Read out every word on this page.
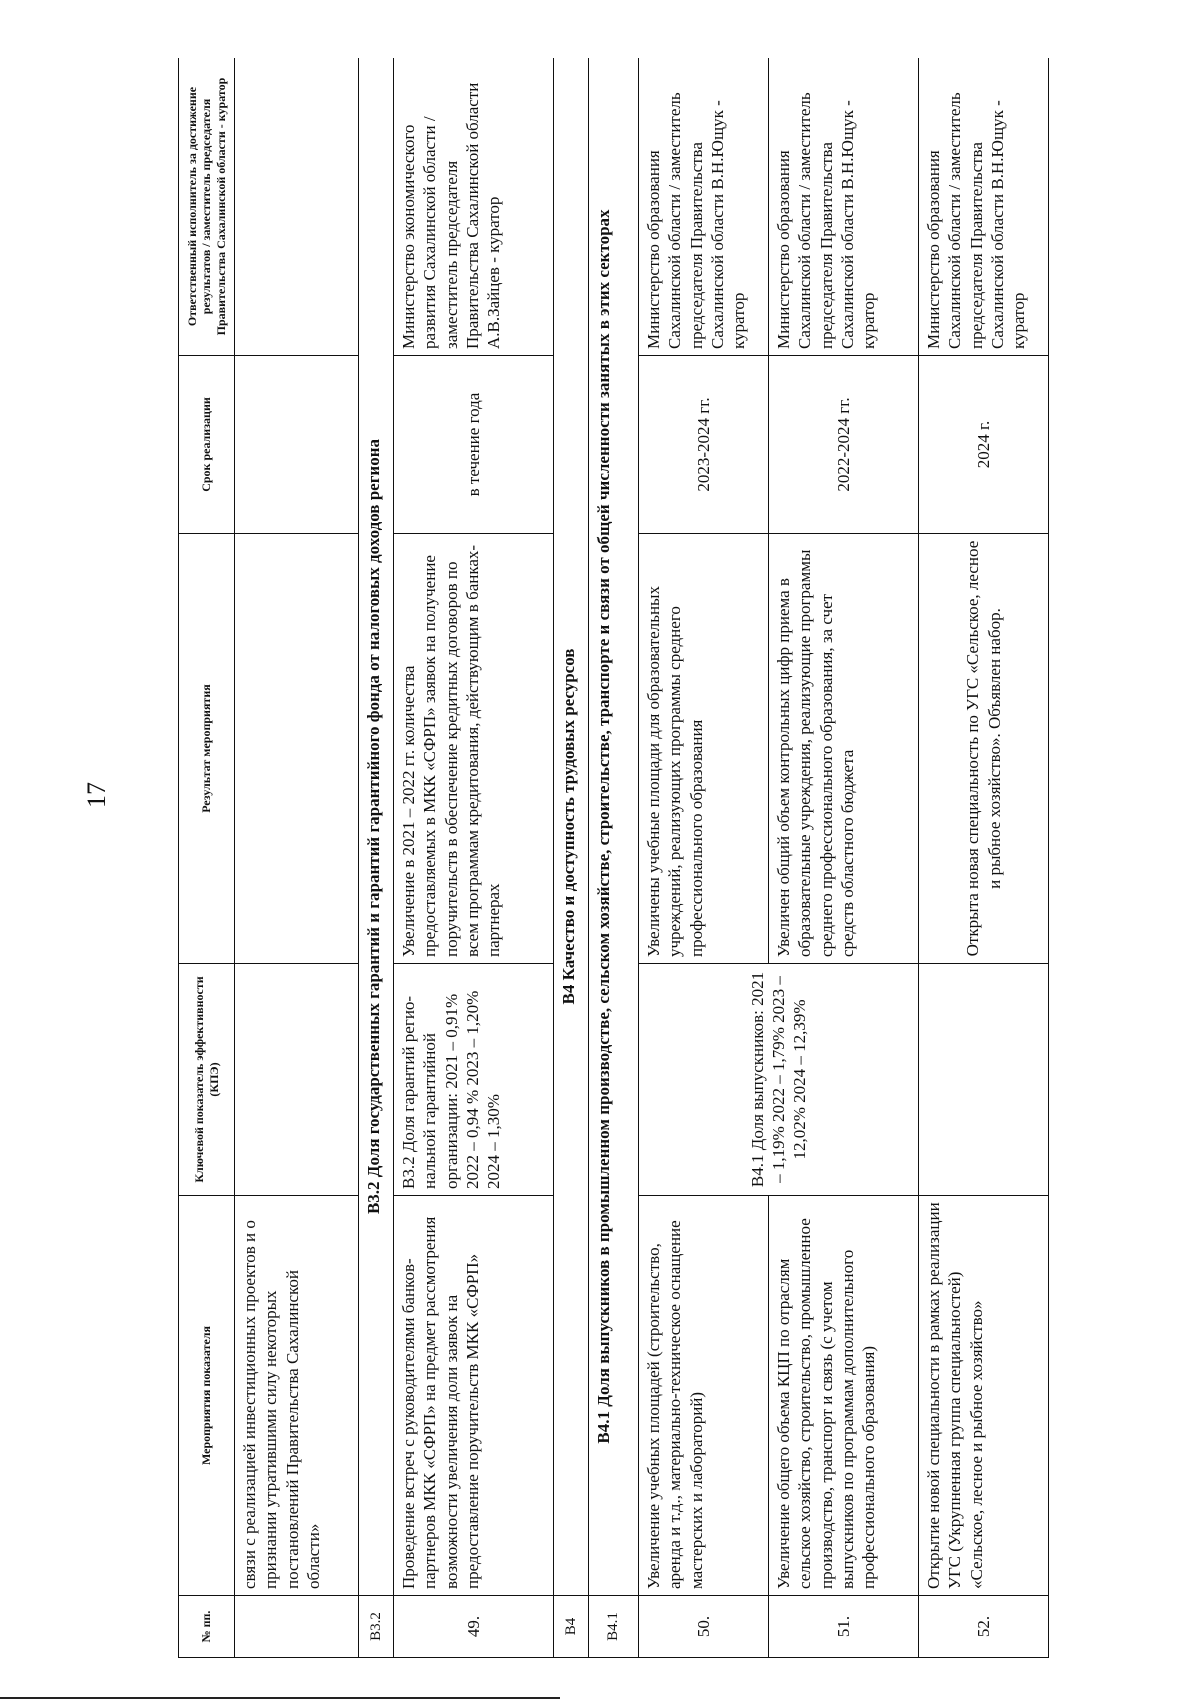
17
№ пп.	Мероприятия показателя	Ключевой показатель эффективности (КПЭ)	Результат мероприятия	Срок реализации	Ответственный исполнитель за достижение результатов / заместитель председателя Правительства Сахалинской области - куратор
	связи с реализацией инвестиционных проектов и о признании утратившими силу некоторых постановлений Правительства Сахалинской области»				
В3.2	В3.2 Доля государственных гарантий и гарантий гарантийного фонда от налоговых доходов региона				
49.	Проведение встреч с руководителями банков-партнеров МКК «СФРП» на предмет рассмотрения возможности увеличения доли заявок на предоставление поручительств МКК «СФРП»	В3.2 Доля гарантий регио-нальной гарантийной организации: 2021 – 0,91% 2022 – 0,94 % 2023 – 1,20% 2024 – 1,30%	Увеличение в 2021 – 2022 гг. количества предоставляемых в МКК «СФРП» заявок на получение поручительств в обеспечение кредитных договоров по всем программам кредитования, действующим в банках-партнерах	в течение года	Министерство экономического развития Сахалинской области / заместитель председателя Правительства Сахалинской области А.В.Зайцев - куратор
В4	В4 Качество и доступность трудовых ресурсов				
В4.1	В4.1 Доля выпускников в промышленном производстве, сельском хозяйстве, строительстве, транспорте и связи от общей численности занятых в этих секторах				
50.	Увеличение учебных площадей (строительство, аренда и т.д., материально-техническое оснащение мастерских и лабораторий)	В4.1 Доля выпускников: 2021 – 1,19% 2022 – 1,79% 2023 – 12,02% 2024 – 12,39%	Увеличены учебные площади для образовательных учреждений, реализующих программы среднего профессионального образования	2023-2024 гг.	Министерство образования Сахалинской области / заместитель председателя Правительства Сахалинской области В.Н.Ющук - куратор
51.	Увеличение общего объема КЦП по отраслям сельское хозяйство, строительство, промышленное производство, транспорт и связь (с учетом выпускников по программам дополнительного профессионального образования)		Увеличен общий объем контрольных цифр приема в образовательные учреждения, реализующие программы среднего профессионального образования, за счет средств областного бюджета	2022-2024 гг.	Министерство образования Сахалинской области / заместитель председателя Правительства Сахалинской области В.Н.Ющук - куратор
52.	Открытие новой специальности в рамках реализации УГС (Укрупненная группа специальностей) «Сельское, лесное и рыбное хозяйство»		Открыта новая специальность по УГС «Сельское, лесное и рыбное хозяйство». Объявлен набор.	2024 г.	Министерство образования Сахалинской области / заместитель председателя Правительства Сахалинской области В.Н.Ющук - куратор
